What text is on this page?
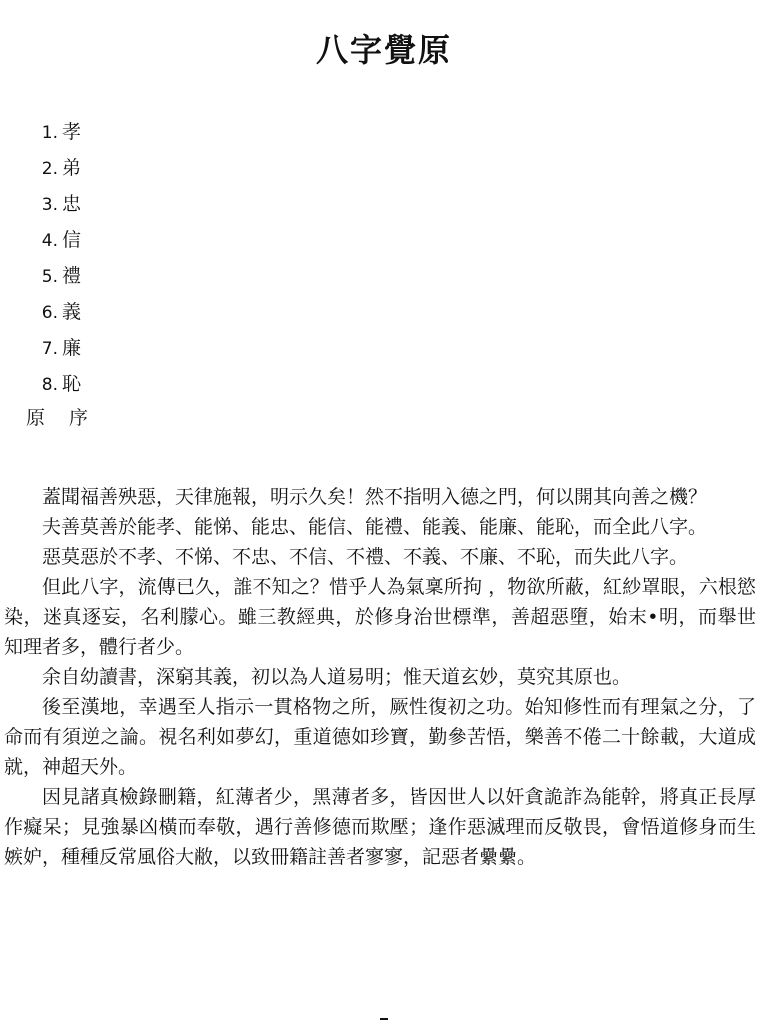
八字覺原
1. 孝
2. 弟
3. 忠
4. 信
5. 禮
6. 義
7. 廉
8. 恥
原序

蓋聞福善殃惡，天律施報，明示久矣！然不指明入德之門，何以開其向善之機？

夫善莫善於能孝、能悌、能忠、能信、能禮、能義、能廉、能恥，而全此八字。

惡莫惡於不孝、不悌、不忠、不信、不禮、不義、不廉、不恥，而失此八字。

但此八字，流傳已久，誰不知之？惜乎人為氣稟所拘 ，物欲所蔽，紅紗罩眼，六根慾染，迷真逐妄，名利朦心。雖三教經典，於修身治世標準，善超惡墮，始末•明，而舉世知理者多，體行者少。

余自幼讀書，深窮其義，初以為人道易明；惟天道玄妙，莫究其原也。

後至漢地，幸遇至人指示一貫格物之所，厥性復初之功。始知修性而有理氣之分，了命而有須逆之論。視名利如夢幻，重道德如珍寶，勤參苦悟，樂善不倦二十餘載，大道成就，神超天外。

因見諸真檢錄刪籍，紅薄者少，黑薄者多，皆因世人以奸貪詭詐為能幹，將真正長厚作癡呆；見強暴凶橫而奉敬，遇行善修德而欺壓；逢作惡滅理而反敬畏，會悟道修身而生嫉妒，種種反常風俗大敝，以致冊籍註善者寥寥，記惡者纍纍。
